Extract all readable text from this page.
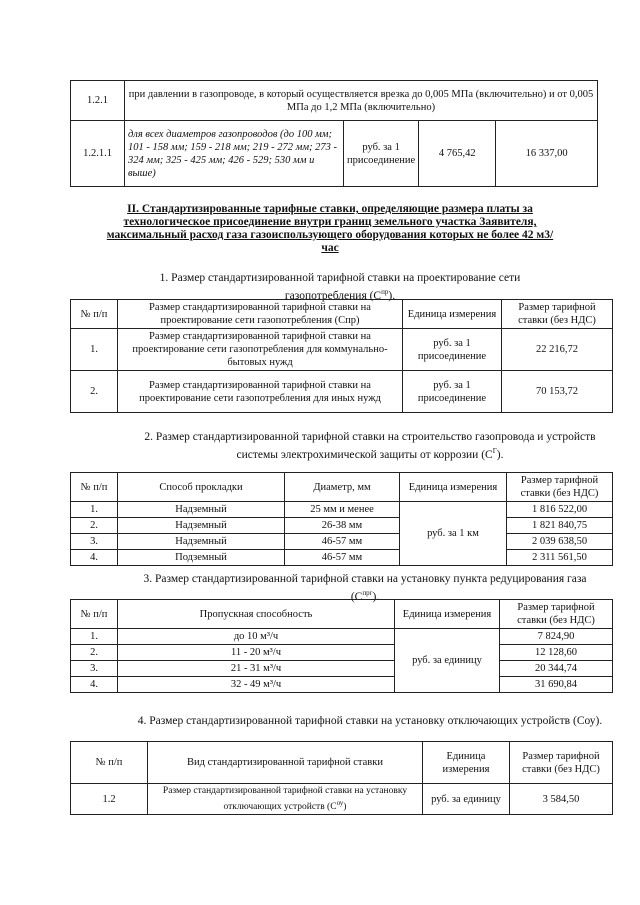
1.2.1	при давлении в газопроводе, в который осуществляется врезка до 0,005 МПа (включительно) и от 0,005 МПа до 1,2 МПа (включительно)			
1.2.1.1	для всех диаметров газопроводов (до 100 мм; 101 - 158 мм; 159 - 218 мм; 219 - 272 мм; 273 - 324 мм; 325 - 425 мм; 426 - 529; 530 мм и выше)	руб. за 1 присоединение	4 765,42	16 337,00
II. Стандартизированные тарифные ставки, определяющие размера платы за технологическое присоединение внутри границ земельного участка Заявителя, максимальный расход газа газоиспользующего оборудования которых не более 42 м3/час
1. Размер стандартизированной тарифной ставки на проектирование сети газопотребления $(С^{пр})$.
№ п/п	Размер стандартизированной тарифной ставки на проектирование сети газопотребления (Спр)	Единица измерения	Размер тарифной ставки (без НДС)
1.	Размер стандартизированной тарифной ставки на проектирование сети газопотребления для коммунально-бытовых нужд	руб. за 1 присоединение	22 216,72
2.	Размер стандартизированной тарифной ставки на проектирование сети газопотребления для иных нужд	руб. за 1 присоединение	70 153,72
2. Размер стандартизированной тарифной ставки на строительство газопровода и устройств системы электрохимической защиты от коррозии $(С^Г)$.
№ п/п	Способ прокладки	Диаметр, мм	Единица измерения	Размер тарифной ставки (без НДС)
1.	Надземный	25 мм и менее	руб. за 1 км	1 816 522,00
2.	Надземный	26-38 мм		1 821 840,75
3.	Надземный	46-57 мм		2 039 638,50
4.	Подземный	46-57 мм		2 311 561,50
3. Размер стандартизированной тарифной ставки на установку пункта редуцирования газа $(С^{прг})$.
№ п/п	Пропускная способность	Единица измерения	Размер тарифной ставки (без НДС)
1.	до 10 м³/ч	руб. за единицу	7 824,90
2.	11 - 20 м³/ч		12 128,60
3.	21 - 31 м³/ч		20 344,74
4.	32 - 49 м³/ч		31 690,84
4. Размер стандартизированной тарифной ставки на установку отключающих устройств (Соу).
№ п/п	Вид стандартизированной тарифной ставки	Единица измерения	Размер тарифной ставки (без НДС)
1.2	Размер стандартизированной тарифной ставки на установку отключающих устройств $(С^{оу})$	руб. за единицу	3 584,50
